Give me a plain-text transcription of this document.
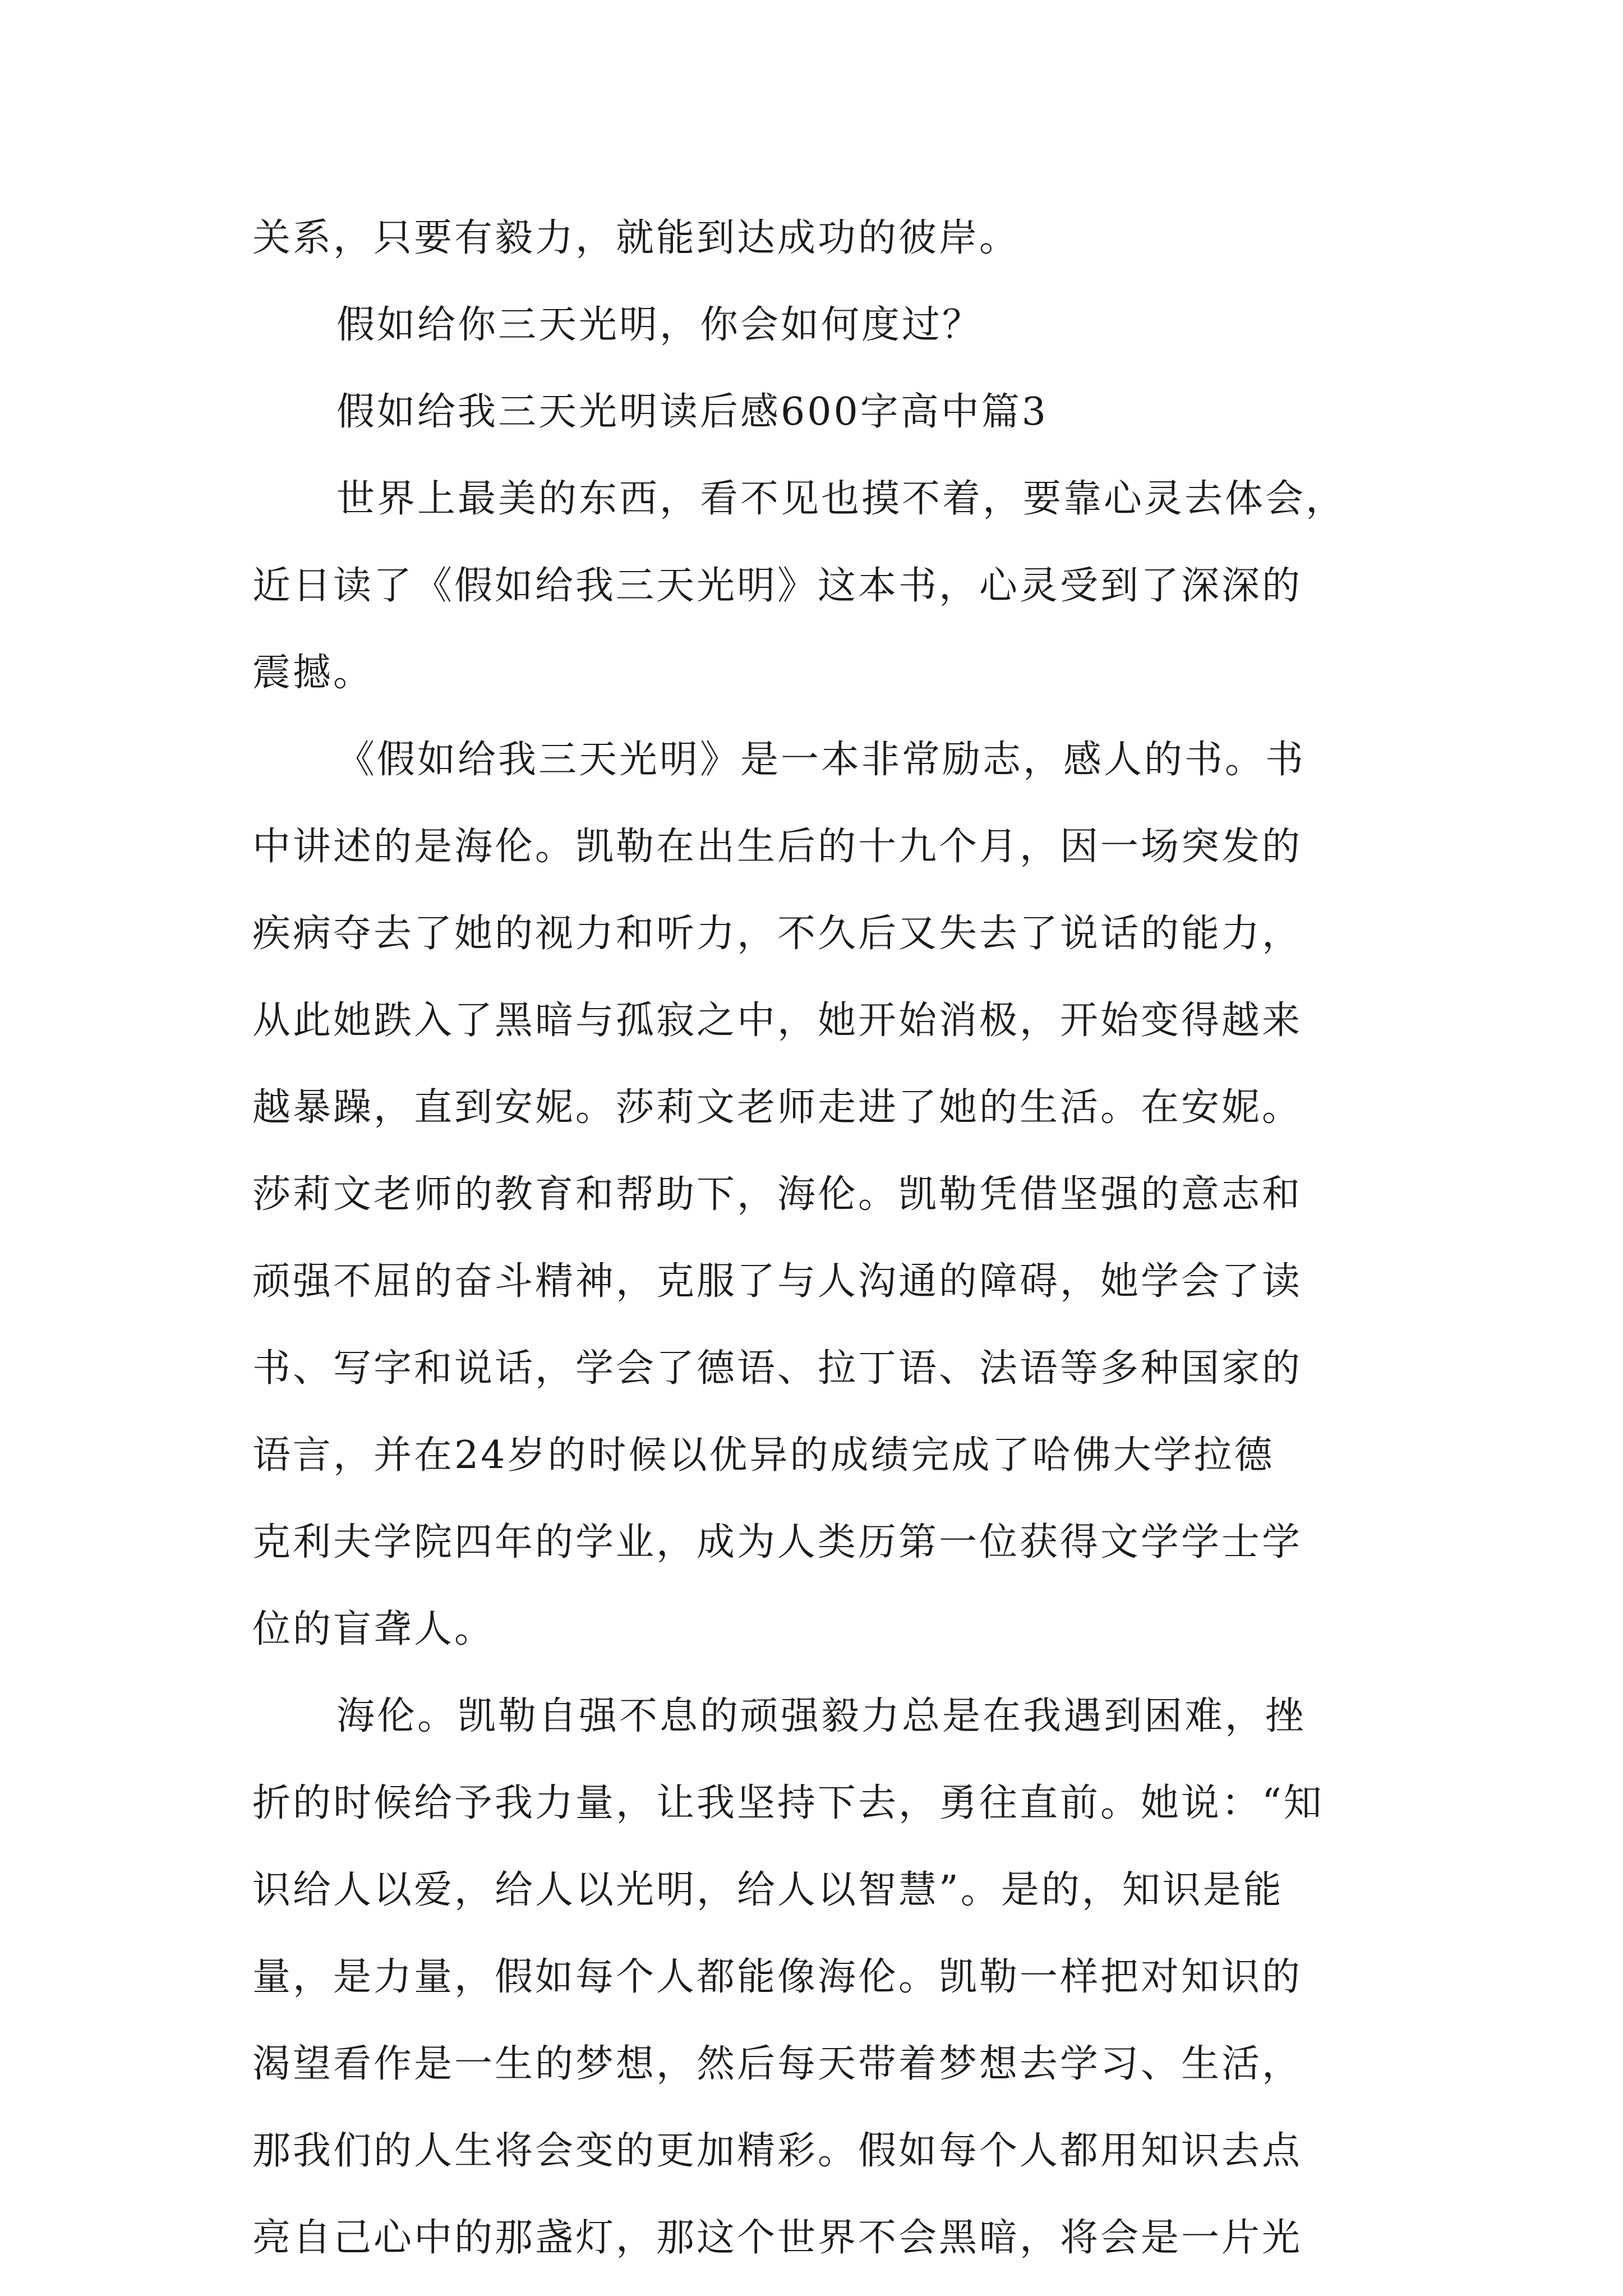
关系，只要有毅力，就能到达成功的彼岸。
假如给你三天光明，你会如何度过？
假如给我三天光明读后感600字高中篇3
世界上最美的东西，看不见也摸不着，要靠心灵去体会，
近日读了《假如给我三天光明》这本书，心灵受到了深深的
震撼。
《假如给我三天光明》是一本非常励志，感人的书。书
中讲述的是海伦。凯勒在出生后的十九个月，因一场突发的
疾病夺去了她的视力和听力，不久后又失去了说话的能力，
从此她跌入了黑暗与孤寂之中，她开始消极，开始变得越来
越暴躁，直到安妮。莎莉文老师走进了她的生活。在安妮。
莎莉文老师的教育和帮助下，海伦。凯勒凭借坚强的意志和
顽强不屈的奋斗精神，克服了与人沟通的障碍，她学会了读
书、写字和说话，学会了德语、拉丁语、法语等多种国家的
语言，并在24岁的时候以优异的成绩完成了哈佛大学拉德
克利夫学院四年的学业，成为人类历第一位获得文学学士学
位的盲聋人。
海伦。凯勒自强不息的顽强毅力总是在我遇到困难，挫
折的时候给予我力量，让我坚持下去，勇往直前。她说：“知
识给人以爱，给人以光明，给人以智慧”。是的，知识是能
量，是力量，假如每个人都能像海伦。凯勒一样把对知识的
渴望看作是一生的梦想，然后每天带着梦想去学习、生活，
那我们的人生将会变的更加精彩。假如每个人都用知识去点
亮自己心中的那盏灯，那这个世界不会黑暗，将会是一片光
